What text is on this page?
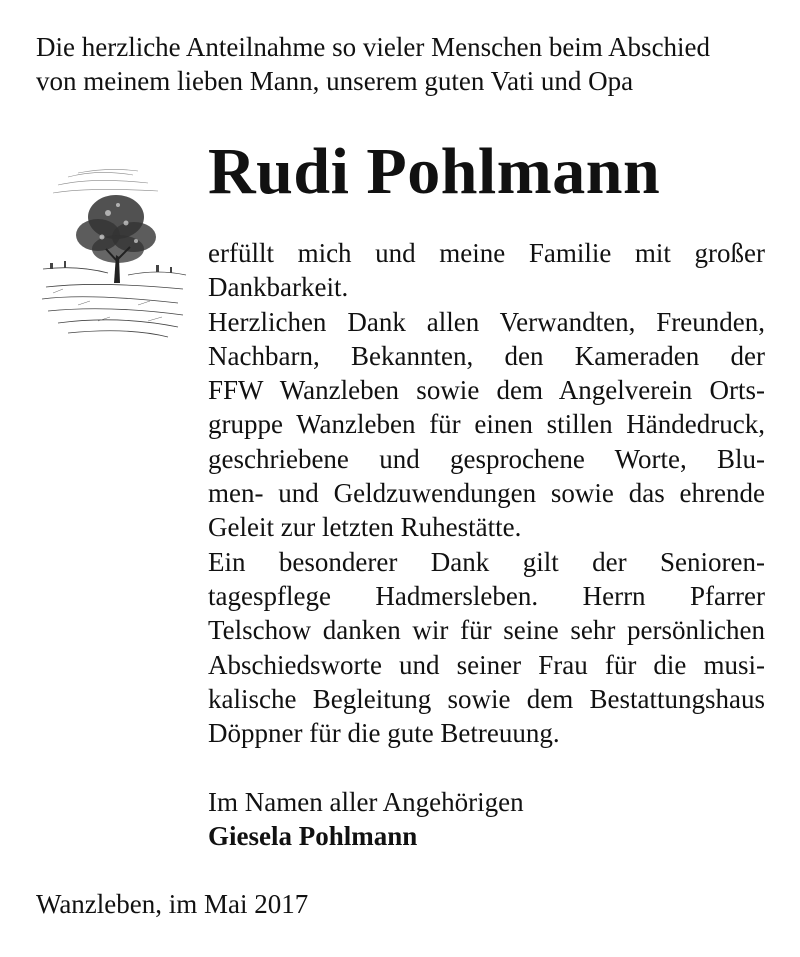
Die herzliche Anteilnahme so vieler Menschen beim Abschied
von meinem lieben Mann, unserem guten Vati und Opa
Rudi Pohlmann
erfüllt mich und meine Familie mit großer
Dankbarkeit.
Herzlichen Dank allen Verwandten, Freunden,
Nachbarn, Bekannten, den Kameraden der
FFW Wanzleben sowie dem Angelverein Orts-
gruppe Wanzleben für einen stillen Händedruck,
geschriebene und gesprochene Worte, Blu-
men- und Geldzuwendungen sowie das ehrende
Geleit zur letzten Ruhestätte.
Ein besonderer Dank gilt der Senioren-
tagespflege Hadmersleben. Herrn Pfarrer
Telschow danken wir für seine sehr persönlichen
Abschiedsworte und seiner Frau für die musi-
kalische Begleitung sowie dem Bestattungshaus
Döppner für die gute Betreuung.
Im Namen aller Angehörigen
Giesela Pohlmann
Wanzleben, im Mai 2017
